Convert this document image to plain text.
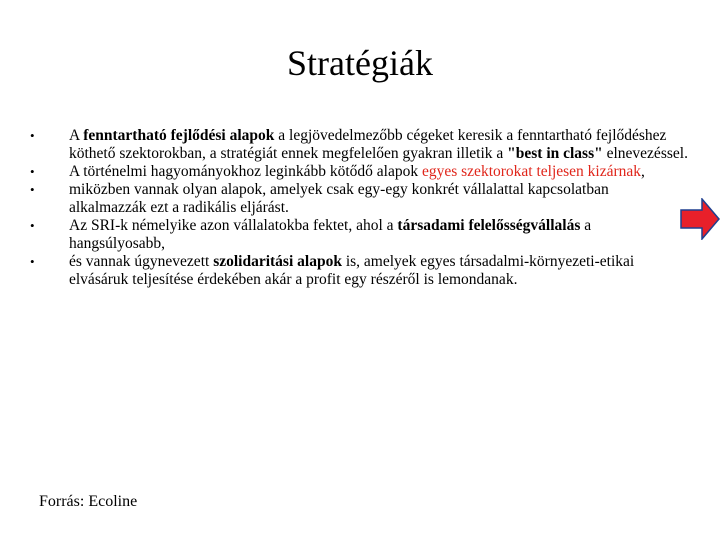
Stratégiák
• A fenntartható fejlődési alapok a legjövedelmezőbb cégeket keresik a fenntartható fejlődéshez köthető szektorokban, a stratégiát ennek megfelelően gyakran illetik a "best in class" elnevezéssel.
• A történelmi hagyományokhoz leginkább kötődő alapok egyes szektorokat teljesen kizárnak,
• miközben vannak olyan alapok, amelyek csak egy-egy konkrét vállalattal kapcsolatban alkalmazzák ezt a radikális eljárást.
• Az SRI-k némelyike azon vállalatokba fektet, ahol a társadami felelősségvállalás a hangsúlyosabb,
• és vannak úgynevezett szolidaritási alapok is, amelyek egyes társadalmi-környezeti-etikai elvásáruk teljesítése érdekében akár a profit egy részéről is lemondanak.
Forrás: Ecoline
